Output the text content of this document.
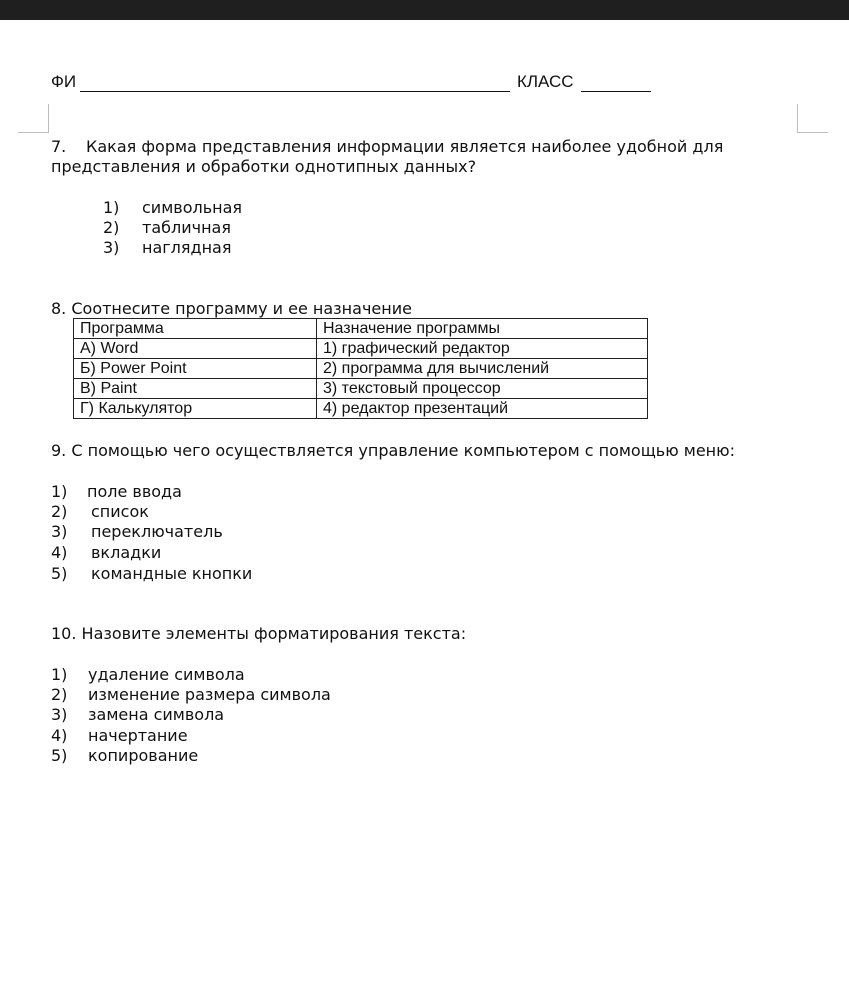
ФИ	КЛАСС
7. Какая форма представления информации является наиболее удобной для
представления и обработки однотипных данных?
1) символьная
2) табличная
3) наглядная
8. Соотнесите программу и ее назначение
Программа	Назначение программы
А) Word	1) графический редактор
Б) Power Point	2) программа для вычислений
В) Paint	3) текстовый процессор
Г) Калькулятор	4) редактор презентаций
9. С помощью чего осуществляется управление компьютером с помощью меню:
1) поле ввода
2) список
3) переключатель
4) вкладки
5) командные кнопки
10. Назовите элементы форматирования текста:
1) удаление символа
2) изменение размера символа
3) замена символа
4) начертание
5) копирование
